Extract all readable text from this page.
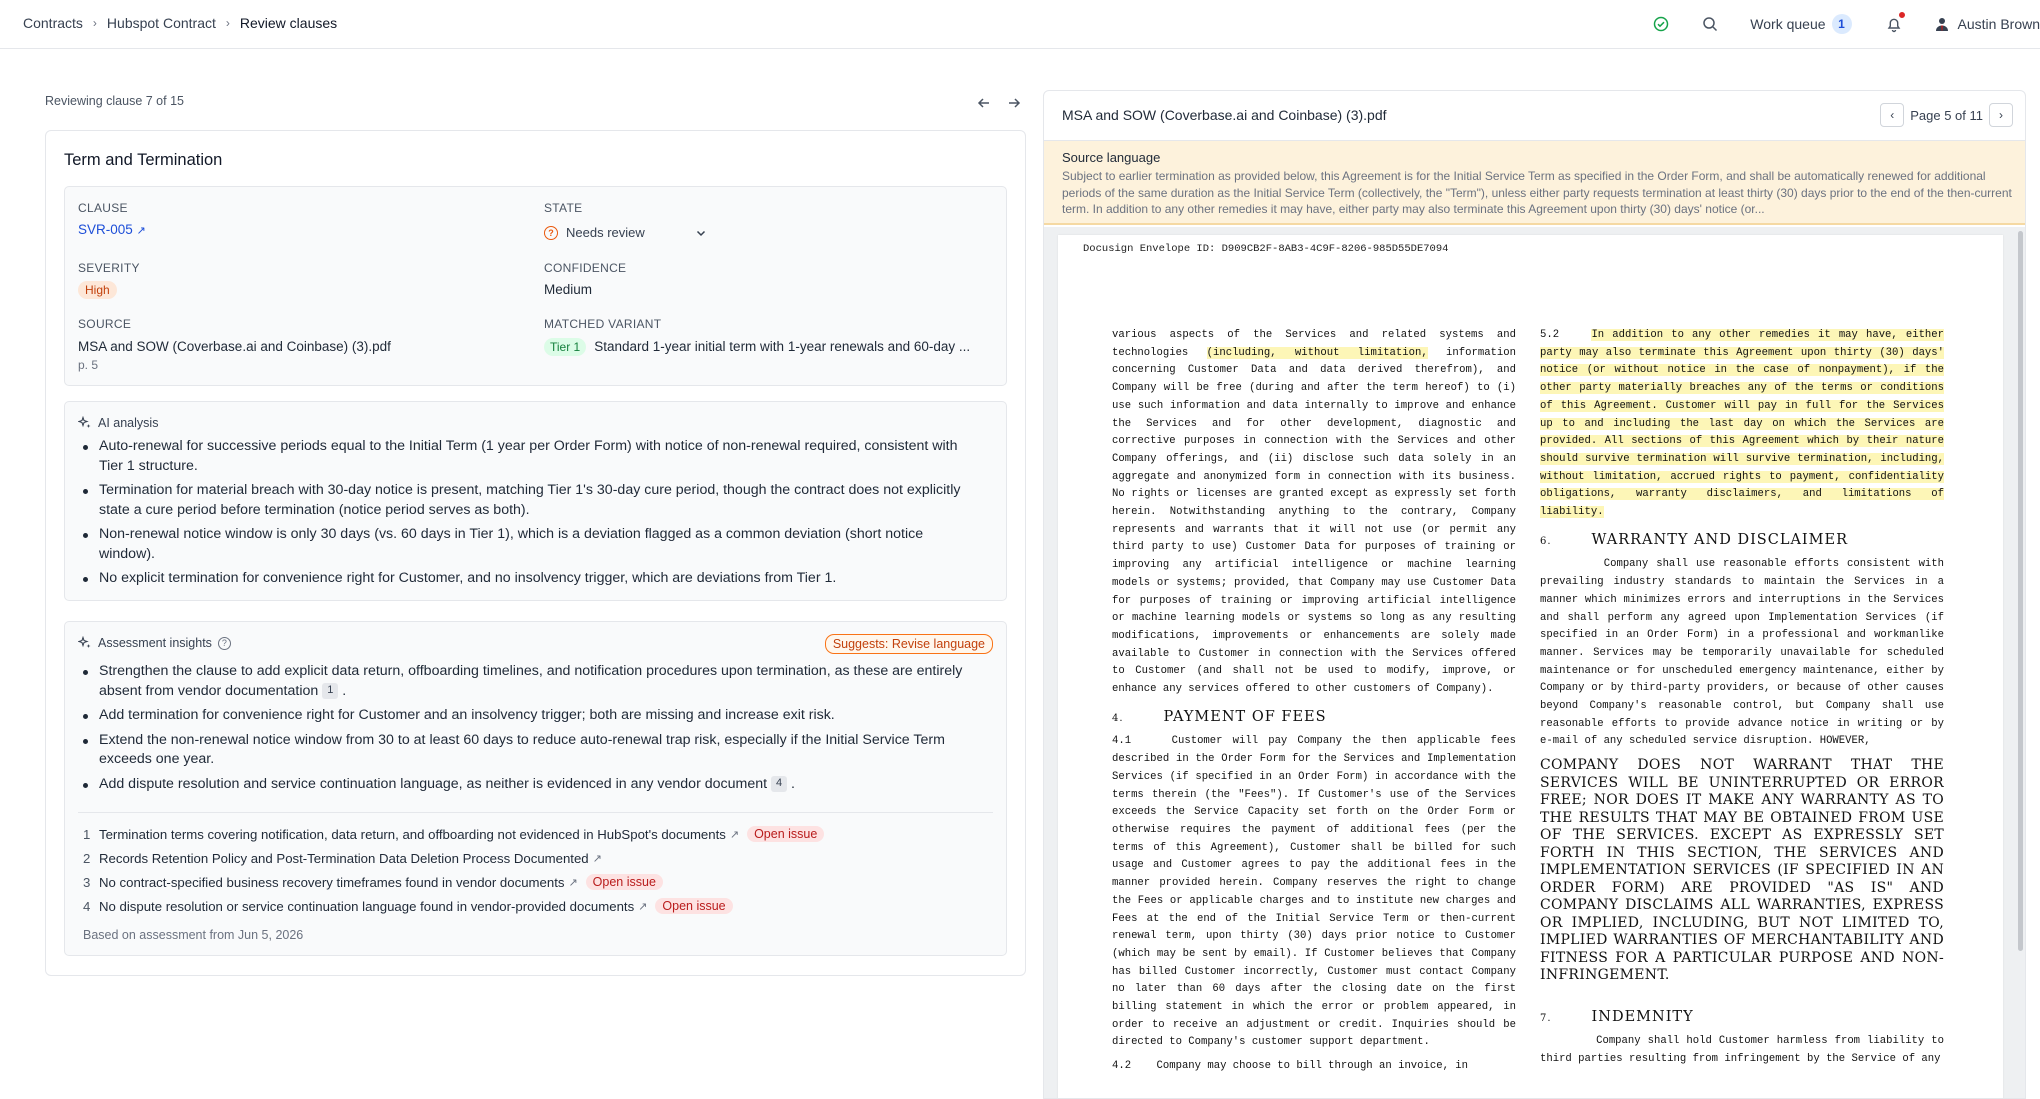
Contracts › Hubspot Contract › Review clauses	Work queue	1	Austin Brown
Reviewing clause 7 of 15
Term and Termination
CLAUSE
SVR-005 ↗
STATE
? Needs review
SEVERITY
High
CONFIDENCE
Medium
SOURCE
MSA and SOW (Coverbase.ai and Coinbase) (3).pdf
p. 5
MATCHED VARIANT
Tier 1 Standard 1-year initial term with 1-year renewals and 60-day ...
AI analysis
Auto-renewal for successive periods equal to the Initial Term (1 year per Order Form) with notice of non-renewal required, consistent with Tier 1 structure.
Termination for material breach with 30-day notice is present, matching Tier 1's 30-day cure period, though the contract does not explicitly state a cure period before termination (notice period serves as both).
Non-renewal notice window is only 30 days (vs. 60 days in Tier 1), which is a deviation flagged as a common deviation (short notice window).
No explicit termination for convenience right for Customer, and no insolvency trigger, which are deviations from Tier 1.
Assessment insights	?	Suggests: Revise language
Strengthen the clause to add explicit data return, offboarding timelines, and notification procedures upon termination, as these are entirely absent from vendor documentation 1 .
Add termination for convenience right for Customer and an insolvency trigger; both are missing and increase exit risk.
Extend the non-renewal notice window from 30 to at least 60 days to reduce auto-renewal trap risk, especially if the Initial Service Term exceeds one year.
Add dispute resolution and service continuation language, as neither is evidenced in any vendor document 4 .
1 Termination terms covering notification, data return, and offboarding not evidenced in HubSpot's documents ↗	Open issue
2 Records Retention Policy and Post-Termination Data Deletion Process Documented ↗
3 No contract-specified business recovery timeframes found in vendor documents ↗	Open issue
4 No dispute resolution or service continuation language found in vendor-provided documents ↗	Open issue
Based on assessment from Jun 5, 2026
MSA and SOW (Coverbase.ai and Coinbase) (3).pdf	‹ Page 5 of 11 ›
Source language
Subject to earlier termination as provided below, this Agreement is for the Initial Service Term as specified in the Order Form, and shall be automatically renewed for additional periods of the same duration as the Initial Service Term (collectively, the "Term"), unless either party requests termination at least thirty (30) days prior to the end of the then-current term. In addition to any other remedies it may have, either party may also terminate this Agreement upon thirty (30) days' notice (or...
Docusign Envelope ID: D909CB2F-8AB3-4C9F-8206-985D55DE7094

various aspects of the Services and related systems and technologies (including, without limitation, information concerning Customer Data and data derived therefrom), and Company will be free (during and after the term hereof) to (i) use such information and data internally to improve and enhance the Services and for other development, diagnostic and corrective purposes in connection with the Services and other Company offerings, and (ii) disclose such data solely in an aggregate and anonymized form in connection with its business. No rights or licenses are granted except as expressly set forth herein. Notwithstanding anything to the contrary, Company represents and warrants that it will not use (or permit any third party to use) Customer Data for purposes of training or improving any artificial intelligence or machine learning models or systems; provided, that Company may use Customer Data for purposes of training or improving artificial intelligence or machine learning models or systems so long as any resulting modifications, improvements or enhancements are solely made available to Customer in connection with the Services offered to Customer (and shall not be used to modify, improve, or enhance any services offered to other customers of Company).

4.	PAYMENT OF FEES

4.1	Customer will pay Company the then applicable fees described in the Order Form for the Services and Implementation Services (if specified in an Order Form) in accordance with the terms therein (the "Fees"). If Customer's use of the Services exceeds the Service Capacity set forth on the Order Form or otherwise requires the payment of additional fees (per the terms of this Agreement), Customer shall be billed for such usage and Customer agrees to pay the additional fees in the manner provided herein. Company reserves the right to change the Fees or applicable charges and to institute new charges and Fees at the end of the Initial Service Term or then-current renewal term, upon thirty (30) days prior notice to Customer (which may be sent by email). If Customer believes that Company has billed Customer incorrectly, Customer must contact Company no later than 60 days after the closing date on the first billing statement in which the error or problem appeared, in order to receive an adjustment or credit. Inquiries should be directed to Company's customer support department.

4.2 Company may choose to bill through an invoice, in

5.2	In addition to any other remedies it may have, either party may also terminate this Agreement upon thirty (30) days' notice (or without notice in the case of nonpayment), if the other party materially breaches any of the terms or conditions of this Agreement. Customer will pay in full for the Services up to and including the last day on which the Services are provided. All sections of this Agreement which by their nature should survive termination will survive termination, including, without limitation, accrued rights to payment, confidentiality obligations, warranty disclaimers, and limitations of liability.

6.	WARRANTY AND DISCLAIMER

Company shall use reasonable efforts consistent with prevailing industry standards to maintain the Services in a manner which minimizes errors and interruptions in the Services and shall perform any agreed upon Implementation Services (if specified in an Order Form) in a professional and workmanlike manner. Services may be temporarily unavailable for scheduled maintenance or for unscheduled emergency maintenance, either by Company or by third-party providers, or because of other causes beyond Company's reasonable control, but Company shall use reasonable efforts to provide advance notice in writing or by e-mail of any scheduled service disruption. HOWEVER,

COMPANY DOES NOT WARRANT THAT THE SERVICES WILL BE UNINTERRUPTED OR ERROR FREE; NOR DOES IT MAKE ANY WARRANTY AS TO THE RESULTS THAT MAY BE OBTAINED FROM USE OF THE SERVICES. EXCEPT AS EXPRESSLY SET FORTH IN THIS SECTION, THE SERVICES AND IMPLEMENTATION SERVICES (IF SPECIFIED IN AN ORDER FORM) ARE PROVIDED "AS IS" AND COMPANY DISCLAIMS ALL WARRANTIES, EXPRESS OR IMPLIED, INCLUDING, BUT NOT LIMITED TO, IMPLIED WARRANTIES OF MERCHANTABILITY AND FITNESS FOR A PARTICULAR PURPOSE AND NON-INFRINGEMENT.

7.	INDEMNITY

Company shall hold Customer harmless from liability to third parties resulting from infringement by the Service of any
